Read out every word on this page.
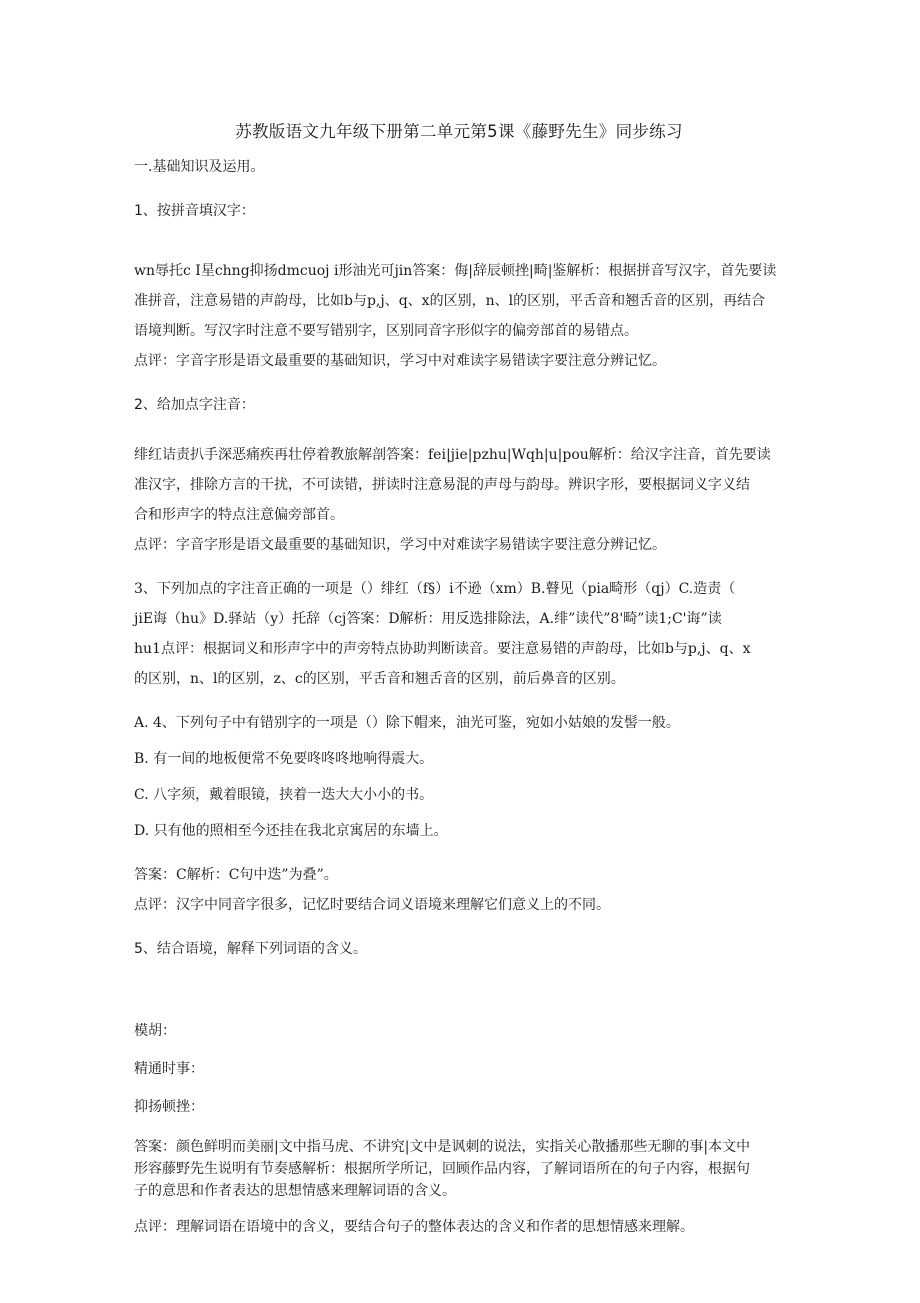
苏教版语文九年级下册第二单元第5课《藤野先生》同步练习

一.基础知识及运用。

1、按拼音填汉字：

wn辱托c I星chng抑扬dmcuoj i形油光可jin答案：侮|辞辰顿挫|畸|鉴解析：根据拼音写汉字，首先要读

准拼音，注意易错的声韵母，比如b与p,j、q、x的区别，n、l的区别，平舌音和翘舌音的区别，再结合

语境判断。写汉字时注意不要写错别字，区别同音字形似字的偏旁部首的易错点。

点评：字音字形是语文最重要的基础知识，学习中对难读字易错读字要注意分辨记忆。

2、给加点字注音：

绯红诘责扒手深恶痛疾再壮停着教旅解剖答案：fei|jie|pzhu|Wqh|u|pou解析：给汉字注音，首先要读

准汉字，排除方言的干扰，不可读错，拼读时注意易混的声母与韵母。辨识字形，要根据词义字义结

合和形声字的特点注意偏旁部首。

点评：字音字形是语文最重要的基础知识，学习中对难读字易错读字要注意分辨记忆。

3、下列加点的字注音正确的一项是（）绯红（f§）i不逊（xm）B.瞽见（pia畸形（qj）C.造责（

jiE诲（hu》D.驿站（y）托辞（cj答案：D解析：用反选排除法，A.绯”读代”8'畸”读1;C'诲”读

hu1点评：根据词义和形声字中的声旁特点协助判断读音。要注意易错的声韵母，比如b与p,j、q、x

的区别，n、l的区别，z、c的区别，平舌音和翘舌音的区别，前后鼻音的区别。

A. 4、下列句子中有错别字的一项是（）除下帽来，油光可鉴，宛如小姑娘的发髻一般。

B. 有一间的地板便常不免要咚咚咚地响得震大。

C. 八字须，戴着眼镜，挟着一迭大大小小的书。

D. 只有他的照相至今还挂在我北京寓居的东墙上。

答案：C解析：C句中迭”为叠”。

点评：汉字中同音字很多，记忆时要结合词义语境来理解它们意义上的不同。

5、结合语境，解释下列词语的含义。

模胡：

精通时事：

抑扬顿挫：

答案：颜色鲜明而美丽|文中指马虎、不讲究|文中是讽刺的说法，实指关心散播那些无聊的事|本文中

形容藤野先生说明有节奏感解析：根据所学所记，回顾作品内容，了解词语所在的句子内容，根据句

子的意思和作者表达的思想情感来理解词语的含义。

点评：理解词语在语境中的含义，要结合句子的整体表达的含义和作者的思想情感来理解。
